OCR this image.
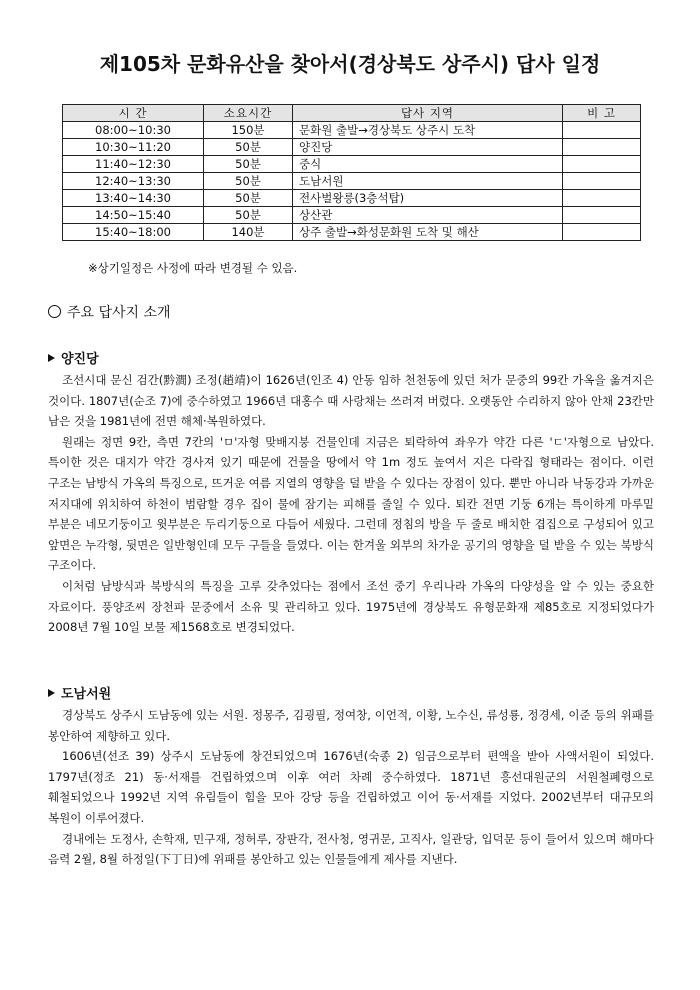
제105차 문화유산을 찾아서(경상북도 상주시) 답사 일정
시 간	소요시간	답사 지역	비 고
08:00~10:30	150분	문화원 출발→경상북도 상주시 도착	
10:30~11:20	50분	양진당	
11:40~12:30	50분	중식	
12:40~13:30	50분	도남서원	
13:40~14:30	50분	전사벌왕릉(3층석탑)	
14:50~15:40	50분	상산관	
15:40~18:00	140분	상주 출발→화성문화원 도착 및 해산	
※상기일정은 사정에 따라 변경될 수 있음.
주요 답사지 소개
양진당

조선시대 문신 검간(黔澗) 조정(趙靖)이 1626년(인조 4) 안동 임하 천천동에 있던 처가 문중의 99칸 가옥을 옮겨지은 것이다. 1807년(순조 7)에 중수하였고 1966년 대홍수 때 사랑채는 쓰러져 버렸다. 오랫동안 수리하지 않아 안채 23칸만 남은 것을 1981년에 전면 해체·복원하였다.

원래는 정면 9칸, 측면 7칸의 'ㅁ'자형 맞배지붕 건물인데 지금은 퇴락하여 좌우가 약간 다른 'ㄷ'자형으로 남았다. 특이한 것은 대지가 약간 경사져 있기 때문에 건물을 땅에서 약 1m 정도 높여서 지은 다락집 형태라는 점이다. 이런 구조는 남방식 가옥의 특징으로, 뜨거운 여름 지열의 영향을 덜 받을 수 있다는 장점이 있다. 뿐만 아니라 낙동강과 가까운 저지대에 위치하여 하천이 범람할 경우 집이 물에 잠기는 피해를 줄일 수 있다. 퇴칸 전면 기둥 6개는 특이하게 마루밑 부분은 네모기둥이고 윗부분은 두리기둥으로 다듬어 세웠다. 그런데 정침의 방을 두 줄로 배치한 겹집으로 구성되어 있고 앞면은 누각형, 뒷면은 일반형인데 모두 구들을 들였다. 이는 한겨울 외부의 차가운 공기의 영향을 덜 받을 수 있는 북방식 구조이다.

이처럼 남방식과 북방식의 특징을 고루 갖추었다는 점에서 조선 중기 우리나라 가옥의 다양성을 알 수 있는 중요한 자료이다. 풍양조씨 장천파 문중에서 소유 및 관리하고 있다. 1975년에 경상북도 유형문화재 제85호로 지정되었다가 2008년 7월 10일 보물 제1568호로 변경되었다.

도남서원

경상북도 상주시 도남동에 있는 서원. 정몽주, 김굉필, 정여창, 이언적, 이황, 노수신, 류성룡, 정경세, 이준 등의 위패를 봉안하여 제향하고 있다.

1606년(선조 39) 상주시 도남동에 창건되었으며 1676년(숙종 2) 임금으로부터 편액을 받아 사액서원이 되었다. 1797년(정조 21) 동·서재를 건립하였으며 이후 여러 차례 중수하였다. 1871년 흥선대원군의 서원철폐령으로 훼철되었으나 1992년 지역 유림들이 힘을 모아 강당 등을 건립하였고 이어 동·서재를 지었다. 2002년부터 대규모의 복원이 이루어졌다.

경내에는 도정사, 손학재, 민구재, 정허루, 장판각, 전사청, 영귀문, 고직사, 일관당, 입덕문 등이 들어서 있으며 해마다 음력 2월, 8월 하정일(下丁日)에 위패를 봉안하고 있는 인물들에게 제사를 지낸다.
